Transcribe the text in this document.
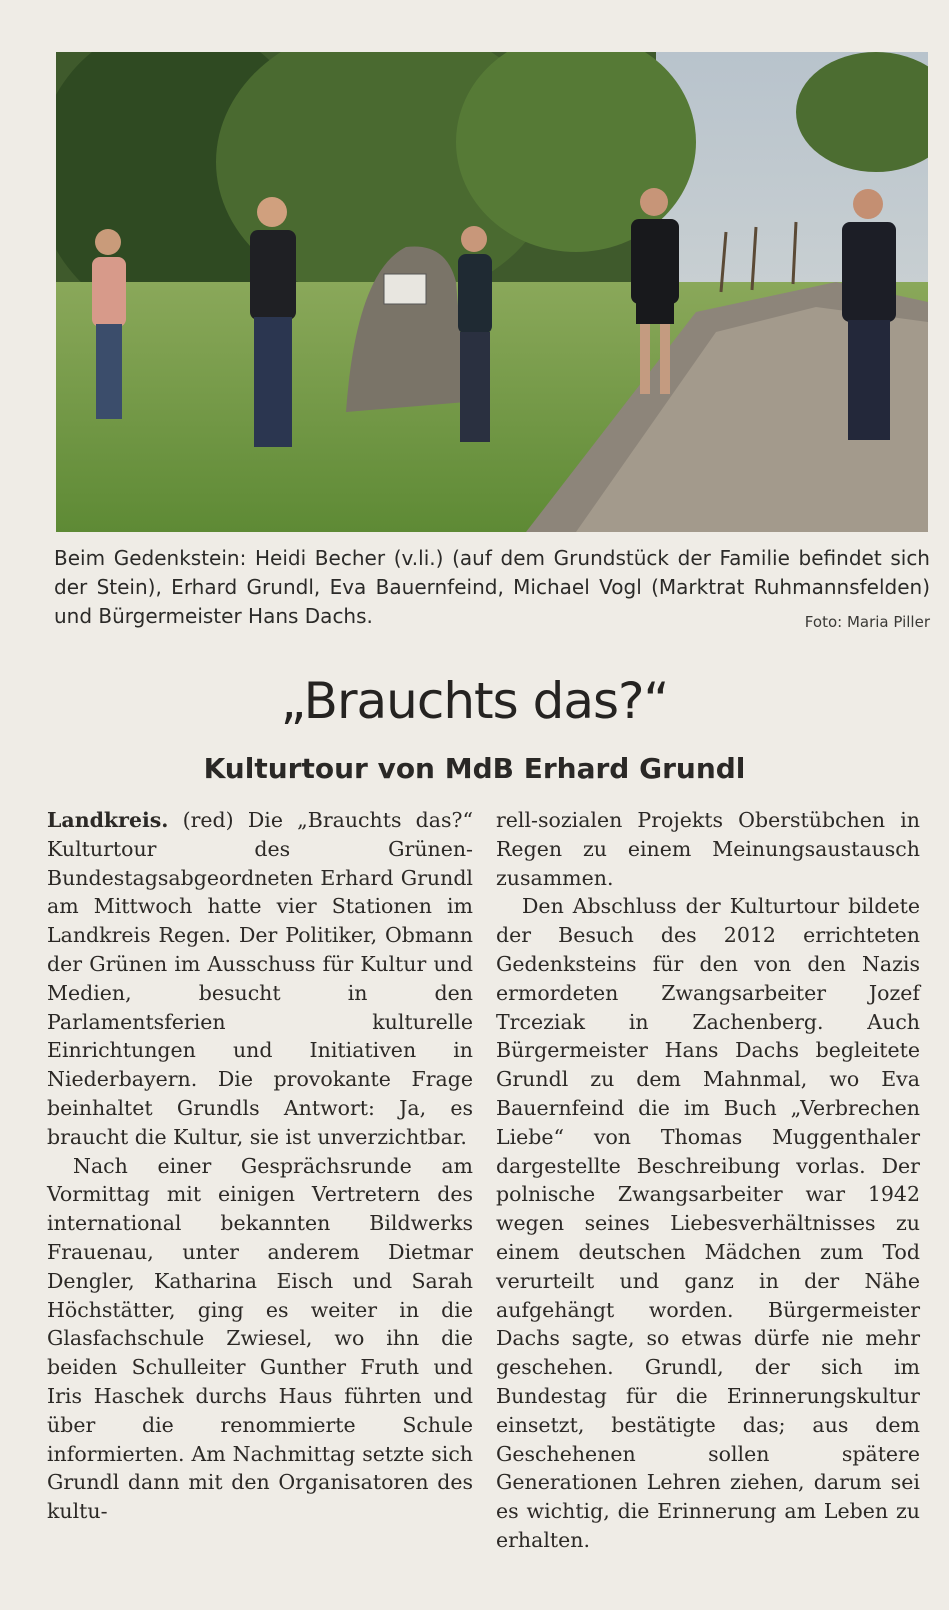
Beim Gedenkstein: Heidi Becher (v.li.) (auf dem Grundstück der Familie befindet sich der Stein), Erhard Grundl, Eva Bauernfeind, Michael Vogl (Marktrat Ruhmannsfelden) und Bürgermeister Hans Dachs.	Foto: Maria Piller
„Brauchts das?“
Kulturtour von MdB Erhard Grundl

Landkreis. (red) Die „Brauchts das?“ Kulturtour des Grünen-Bundestagsabgeordneten Erhard Grundl am Mittwoch hatte vier Stationen im Landkreis Regen. Der Politiker, Obmann der Grünen im Ausschuss für Kultur und Medien, besucht in den Parlamentsferien kulturelle Einrichtungen und Initiativen in Niederbayern. Die provokante Frage beinhaltet Grundls Antwort: Ja, es braucht die Kultur, sie ist unverzichtbar.

Nach einer Gesprächsrunde am Vormittag mit einigen Vertretern des international bekannten Bildwerks Frauenau, unter anderem Dietmar Dengler, Katharina Eisch und Sarah Höchstätter, ging es weiter in die Glasfachschule Zwiesel, wo ihn die beiden Schulleiter Gunther Fruth und Iris Haschek durchs Haus führten und über die renommierte Schule informierten. Am Nachmittag setzte sich Grundl dann mit den Organisatoren des kultu-

rell-sozialen Projekts Oberstübchen in Regen zu einem Meinungsaustausch zusammen.

Den Abschluss der Kulturtour bildete der Besuch des 2012 errichteten Gedenksteins für den von den Nazis ermordeten Zwangsarbeiter Jozef Trceziak in Zachenberg. Auch Bürgermeister Hans Dachs begleitete Grundl zu dem Mahnmal, wo Eva Bauernfeind die im Buch „Verbrechen Liebe“ von Thomas Muggenthaler dargestellte Beschreibung vorlas. Der polnische Zwangsarbeiter war 1942 wegen seines Liebesverhältnisses zu einem deutschen Mädchen zum Tod verurteilt und ganz in der Nähe aufgehängt worden. Bürgermeister Dachs sagte, so etwas dürfe nie mehr geschehen. Grundl, der sich im Bundestag für die Erinnerungskultur einsetzt, bestätigte das; aus dem Geschehenen sollen spätere Generationen Lehren ziehen, darum sei es wichtig, die Erinnerung am Leben zu erhalten.
